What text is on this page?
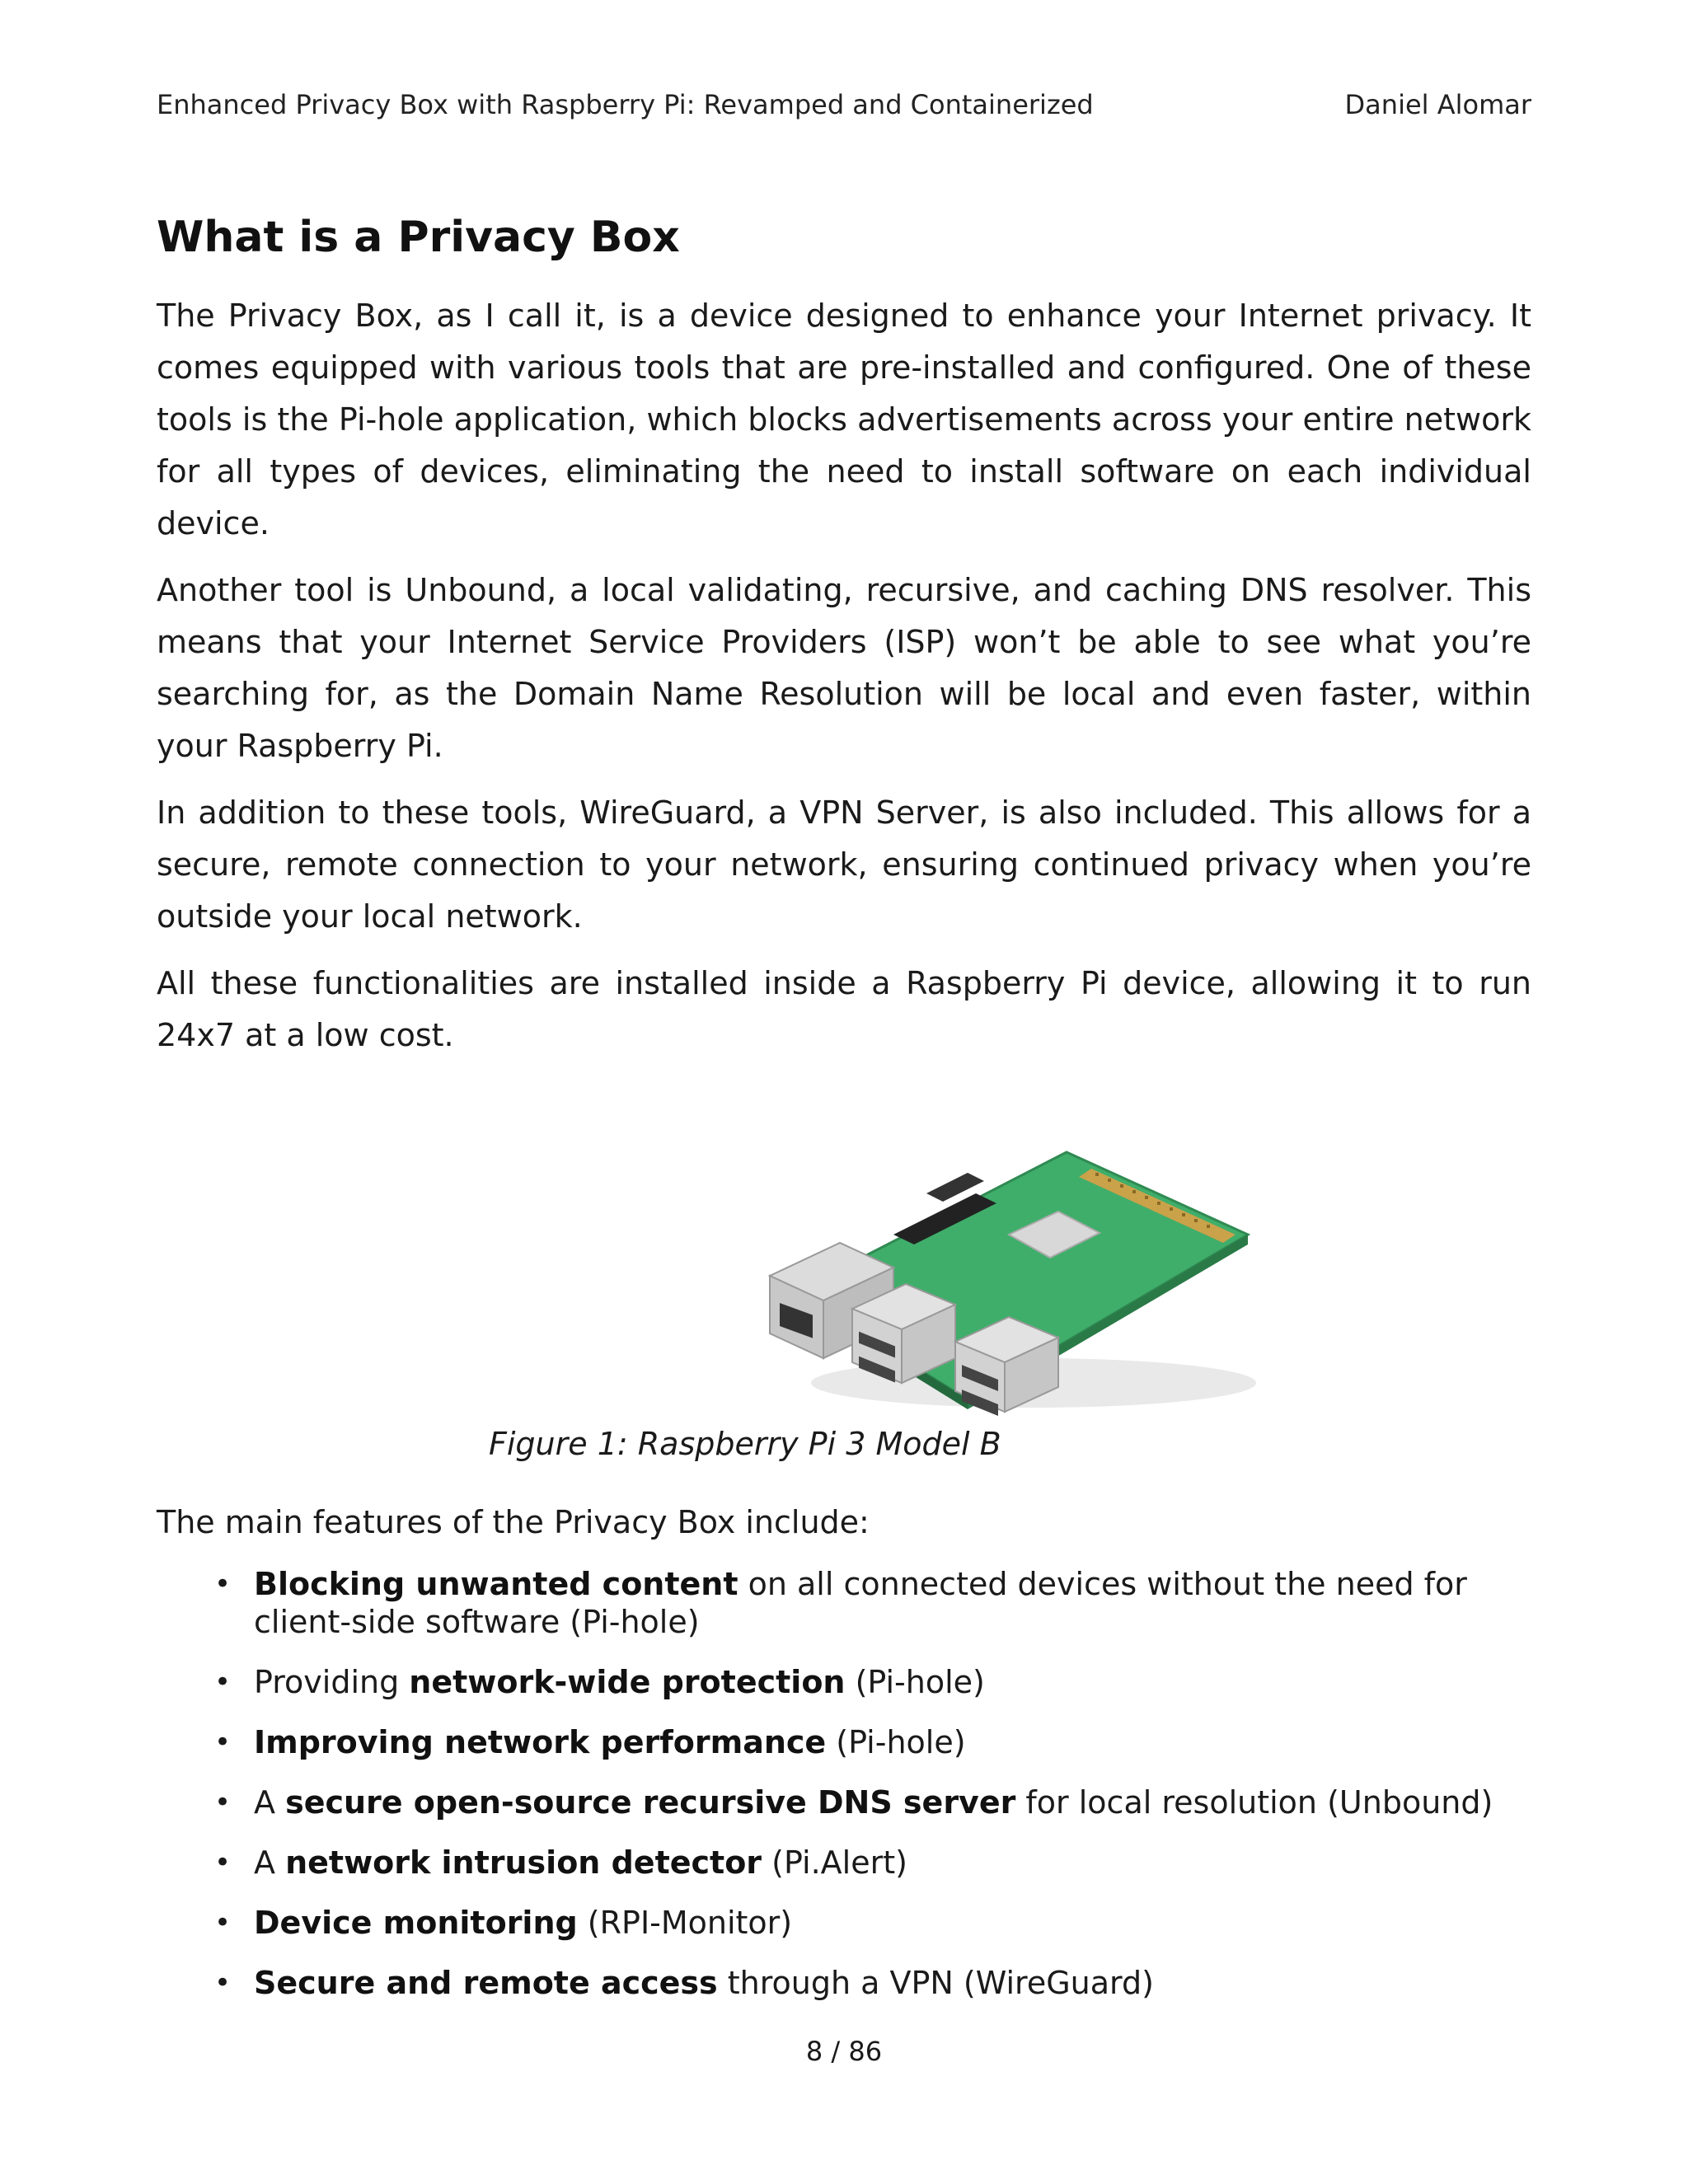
Enhanced Privacy Box with Raspberry Pi: Revamped and Containerized	Daniel Alomar
What is a Privacy Box

The Privacy Box, as I call it, is a device designed to enhance your Internet privacy. It comes equipped with various tools that are pre-installed and configured. One of these tools is the Pi-hole application, which blocks advertisements across your entire network for all types of devices, eliminating the need to install software on each individual device.

Another tool is Unbound, a local validating, recursive, and caching DNS resolver. This means that your Internet Service Providers (ISP) won’t be able to see what you’re searching for, as the Domain Name Resolution will be local and even faster, within your Raspberry Pi.

In addition to these tools, WireGuard, a VPN Server, is also included. This allows for a secure, remote connection to your network, ensuring continued privacy when you’re outside your local network.

All these functionalities are installed inside a Raspberry Pi device, allowing it to run 24x7 at a low cost.

Figure 1: Raspberry Pi 3 Model B

The main features of the Privacy Box include:

• Blocking unwanted content on all connected devices without the need for client-side software (Pi-hole)
• Providing network-wide protection (Pi-hole)
• Improving network performance (Pi-hole)
• A secure open-source recursive DNS server for local resolution (Unbound)
• A network intrusion detector (Pi.Alert)
• Device monitoring (RPI-Monitor)
• Secure and remote access through a VPN (WireGuard)
8 / 86
